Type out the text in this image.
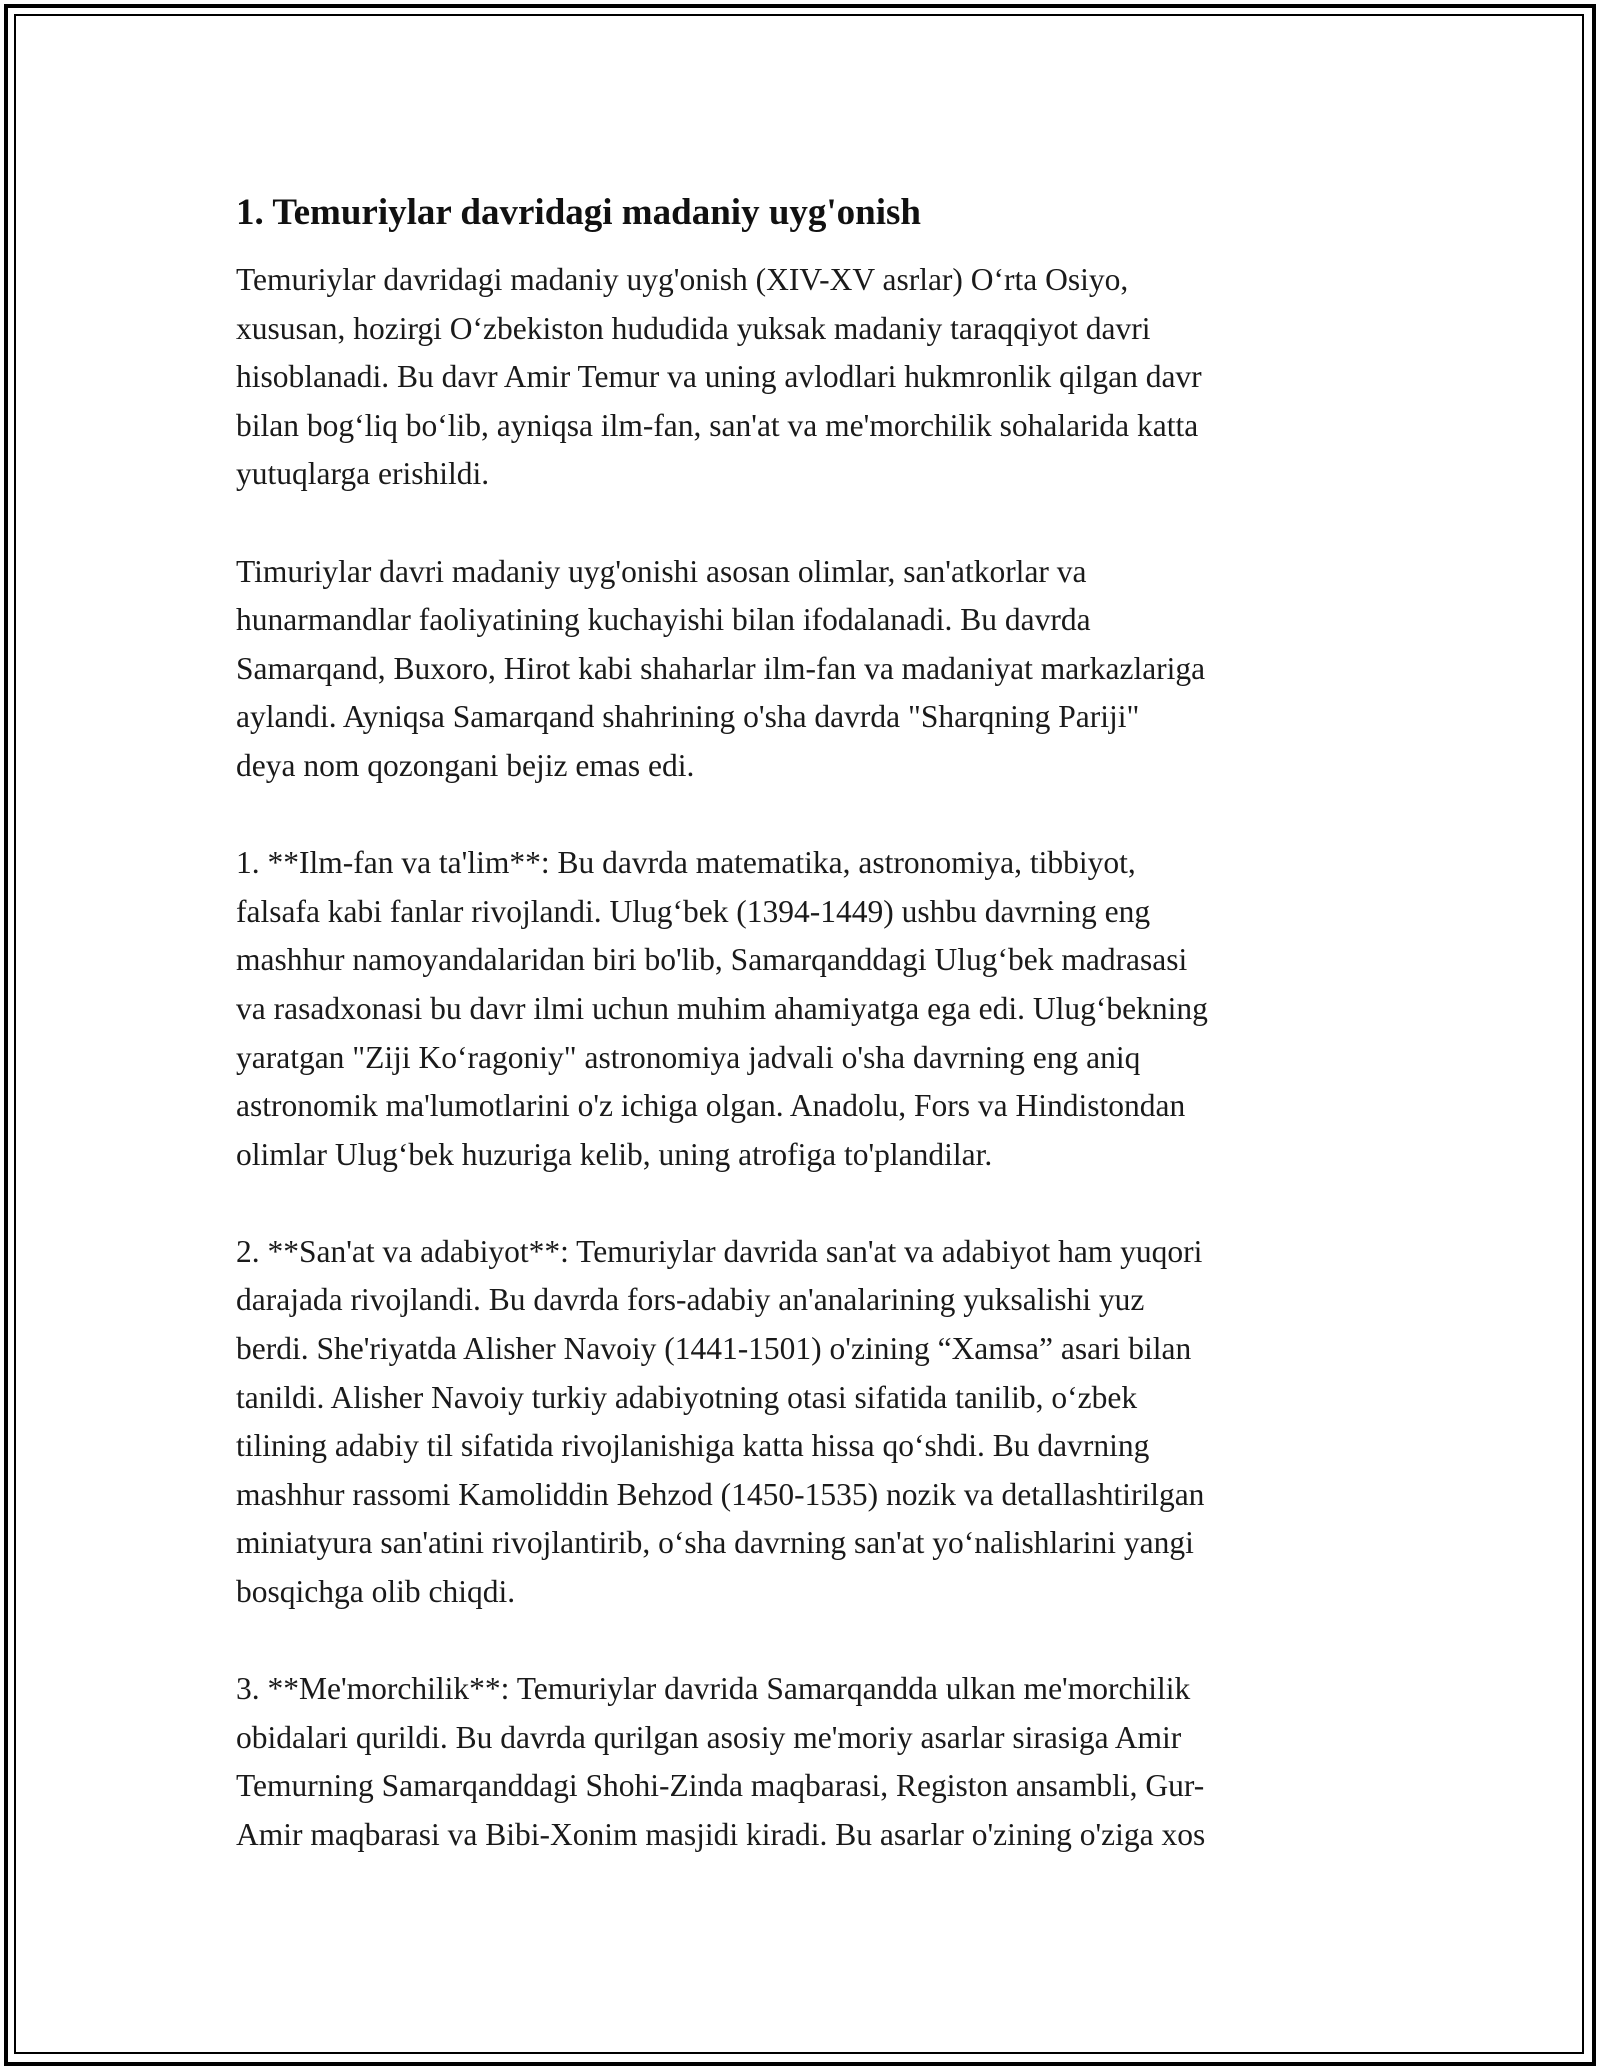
1. Temuriylar davridagi madaniy uyg'onish

Temuriylar davridagi madaniy uyg'onish (XIV-XV asrlar) O‘rta Osiyo,
xususan, hozirgi O‘zbekiston hududida yuksak madaniy taraqqiyot davri
hisoblanadi. Bu davr Amir Temur va uning avlodlari hukmronlik qilgan davr
bilan bog‘liq bo‘lib, ayniqsa ilm-fan, san'at va me'morchilik sohalarida katta
yutuqlarga erishildi.

Timuriylar davri madaniy uyg'onishi asosan olimlar, san'atkorlar va
hunarmandlar faoliyatining kuchayishi bilan ifodalanadi. Bu davrda
Samarqand, Buxoro, Hirot kabi shaharlar ilm-fan va madaniyat markazlariga
aylandi. Ayniqsa Samarqand shahrining o'sha davrda "Sharqning Pariji"
deya nom qozongani bejiz emas edi.

1. **Ilm-fan va ta'lim**: Bu davrda matematika, astronomiya, tibbiyot,
falsafa kabi fanlar rivojlandi. Ulug‘bek (1394-1449) ushbu davrning eng
mashhur namoyandalaridan biri bo'lib, Samarqanddagi Ulug‘bek madrasasi
va rasadxonasi bu davr ilmi uchun muhim ahamiyatga ega edi. Ulug‘bekning
yaratgan "Ziji Ko‘ragoniy" astronomiya jadvali o'sha davrning eng aniq
astronomik ma'lumotlarini o'z ichiga olgan. Anadolu, Fors va Hindistondan
olimlar Ulug‘bek huzuriga kelib, uning atrofiga to'plandilar.

2. **San'at va adabiyot**: Temuriylar davrida san'at va adabiyot ham yuqori
darajada rivojlandi. Bu davrda fors-adabiy an'analarining yuksalishi yuz
berdi. She'riyatda Alisher Navoiy (1441-1501) o'zining “Xamsa” asari bilan
tanildi. Alisher Navoiy turkiy adabiyotning otasi sifatida tanilib, o‘zbek
tilining adabiy til sifatida rivojlanishiga katta hissa qo‘shdi. Bu davrning
mashhur rassomi Kamoliddin Behzod (1450-1535) nozik va detallashtirilgan
miniatyura san'atini rivojlantirib, o‘sha davrning san'at yo‘nalishlarini yangi
bosqichga olib chiqdi.

3. **Me'morchilik**: Temuriylar davrida Samarqandda ulkan me'morchilik
obidalari qurildi. Bu davrda qurilgan asosiy me'moriy asarlar sirasiga Amir
Temurning Samarqanddagi Shohi-Zinda maqbarasi, Registon ansambli, Gur-
Amir maqbarasi va Bibi-Xonim masjidi kiradi. Bu asarlar o'zining o'ziga xos
